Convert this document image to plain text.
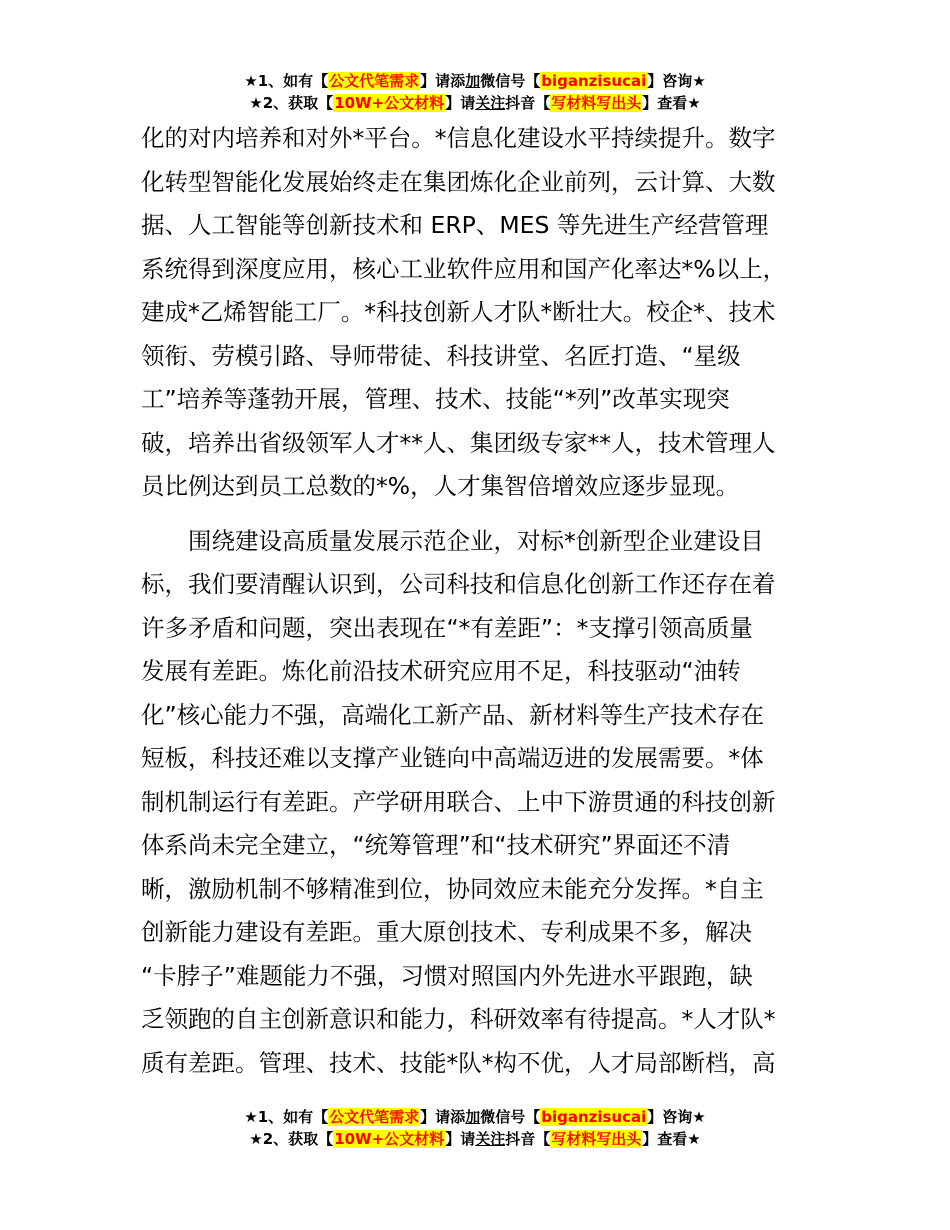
★1、如有【公文代笔需求】请添加微信号【biganzisucai】咨询★
★2、获取【10W+公文材料】请关注抖音【写材料写出头】查看★
化的对内培养和对外*平台。*信息化建设水平持续提升。数字
化转型智能化发展始终走在集团炼化企业前列，云计算、大数
据、人工智能等创新技术和 ERP、MES 等先进生产经营管理
系统得到深度应用，核心工业软件应用和国产化率达*%以上，
建成*乙烯智能工厂。*科技创新人才队*断壮大。校企*、技术
领衔、劳模引路、导师带徒、科技讲堂、名匠打造、“星级
工”培养等蓬勃开展，管理、技术、技能“*列”改革实现突
破，培养出省级领军人才**人、集团级专家**人，技术管理人
员比例达到员工总数的*%，人才集智倍增效应逐步显现。
围绕建设高质量发展示范企业，对标*创新型企业建设目
标，我们要清醒认识到，公司科技和信息化创新工作还存在着
许多矛盾和问题，突出表现在“*有差距”：*支撑引领高质量
发展有差距。炼化前沿技术研究应用不足，科技驱动“油转
化”核心能力不强，高端化工新产品、新材料等生产技术存在
短板，科技还难以支撑产业链向中高端迈进的发展需要。*体
制机制运行有差距。产学研用联合、上中下游贯通的科技创新
体系尚未完全建立，“统筹管理”和“技术研究”界面还不清
晰，激励机制不够精准到位，协同效应未能充分发挥。*自主
创新能力建设有差距。重大原创技术、专利成果不多，解决
“卡脖子”难题能力不强，习惯对照国内外先进水平跟跑，缺
乏领跑的自主创新意识和能力，科研效率有待提高。*人才队*
质有差距。管理、技术、技能*队*构不优，人才局部断档，高
★1、如有【公文代笔需求】请添加微信号【biganzisucai】咨询★
★2、获取【10W+公文材料】请关注抖音【写材料写出头】查看★
